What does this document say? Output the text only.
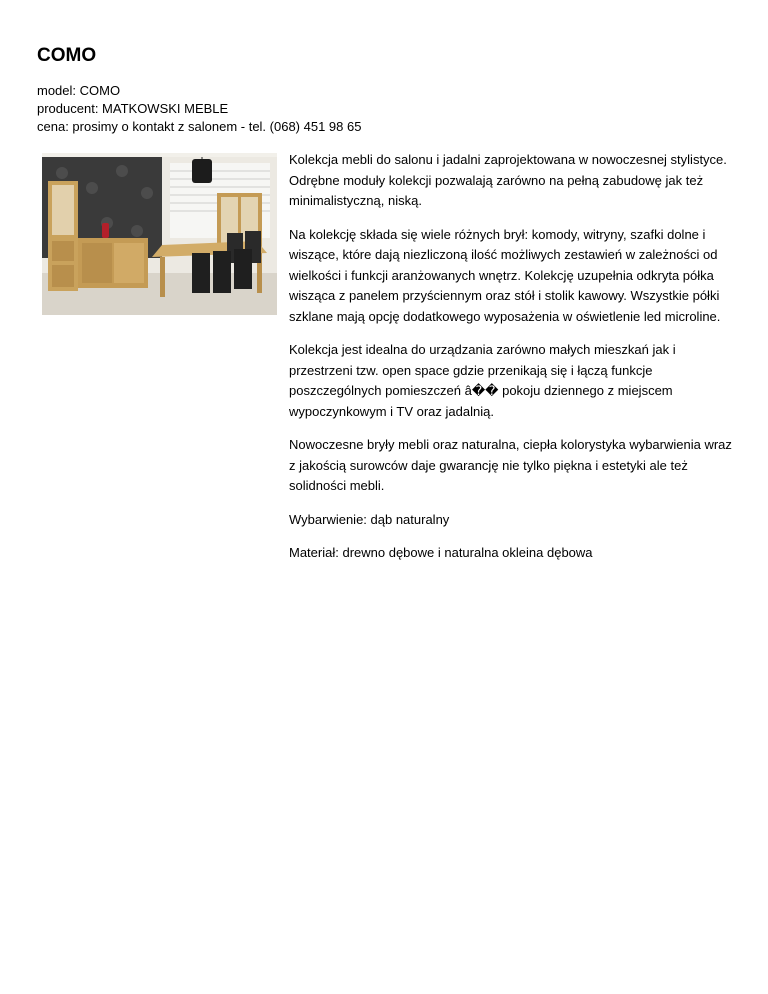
COMO
model: COMO
producent: MATKOWSKI MEBLE
cena: prosimy o kontakt z salonem - tel. (068) 451 98 65

Kolekcja mebli do salonu i jadalni zaprojektowana w nowoczesnej stylistyce. Odrębne moduły kolekcji pozwalają zarówno na pełną zabudowę jak też minimalistyczną, niską.

Na kolekcję składa się wiele różnych brył: komody, witryny, szafki dolne i wiszące, które dają niezliczoną ilość możliwych zestawień w zależności od wielkości i funkcji aranżowanych wnętrz. Kolekcję uzupełnia odkryta półka wisząca z panelem przyściennym oraz stół i stolik kawowy. Wszystkie półki szklane mają opcję dodatkowego wyposażenia w oświetlenie led microline.

Kolekcja jest idealna do urządzania zarówno małych mieszkań jak i przestrzeni tzw. open space gdzie przenikają się i łączą funkcje poszczególnych pomieszczeń â�� pokoju dziennego z miejscem wypoczynkowym i TV oraz jadalnią.

Nowoczesne bryły mebli oraz naturalna, ciepła kolorystyka wybarwienia wraz z jakością surowców daje gwarancję nie tylko piękna i estetyki ale też solidności mebli.

Wybarwienie: dąb naturalny

Materiał: drewno dębowe i naturalna okleina dębowa
